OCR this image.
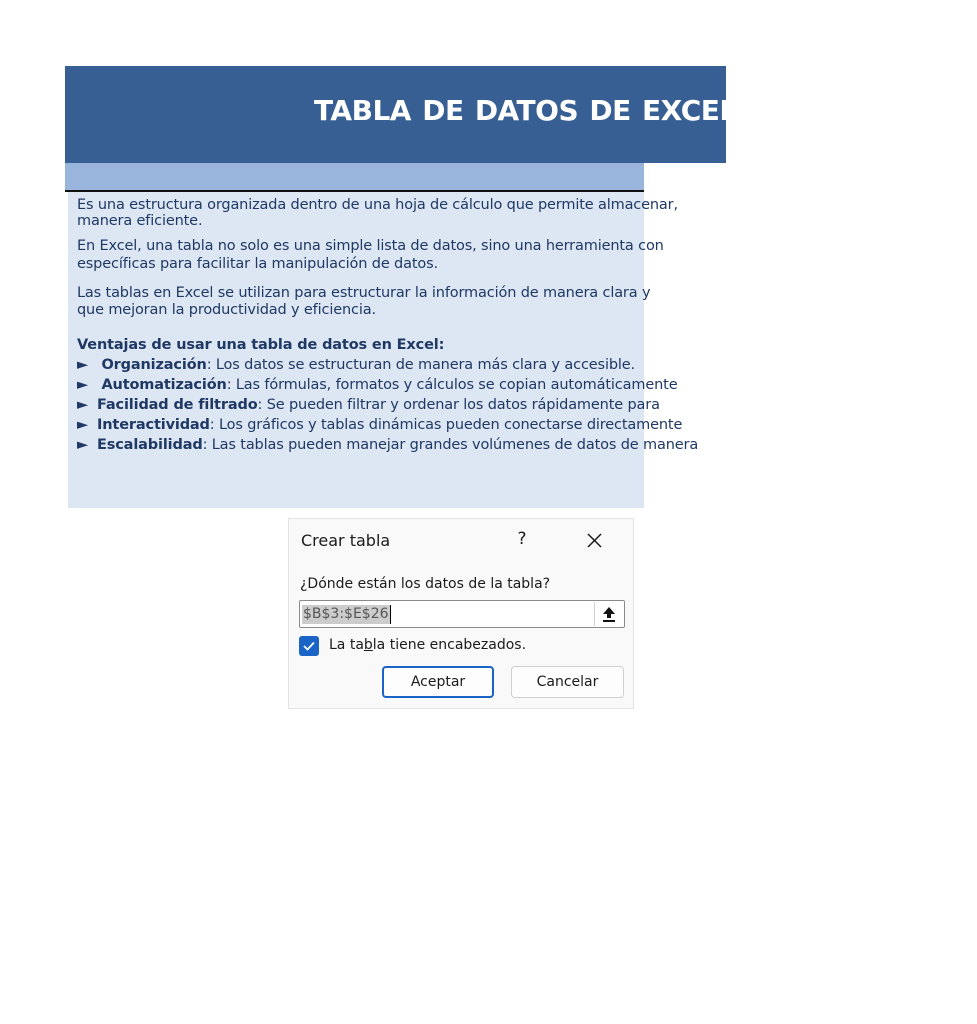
TABLA DE DATOS DE EXCEL
Es una estructura organizada dentro de una hoja de cálculo que permite almacenar,
manera eficiente.
En Excel, una tabla no solo es una simple lista de datos, sino una herramienta con
específicas para facilitar la manipulación de datos.
Las tablas en Excel se utilizan para estructurar la información de manera clara y
que mejoran la productividad y eficiencia.
Ventajas de usar una tabla de datos en Excel:
► Organización: Los datos se estructuran de manera más clara y accesible.
► Automatización: Las fórmulas, formatos y cálculos se copian automáticamente
► Facilidad de filtrado: Se pueden filtrar y ordenar los datos rápidamente para
► Interactividad: Los gráficos y tablas dinámicas pueden conectarse directamente
► Escalabilidad: Las tablas pueden manejar grandes volúmenes de datos de manera
Crear tabla	?
¿Dónde están los datos de la tabla?
$B$3:$E$26
La tabla tiene encabezados.
Aceptar	Cancelar
